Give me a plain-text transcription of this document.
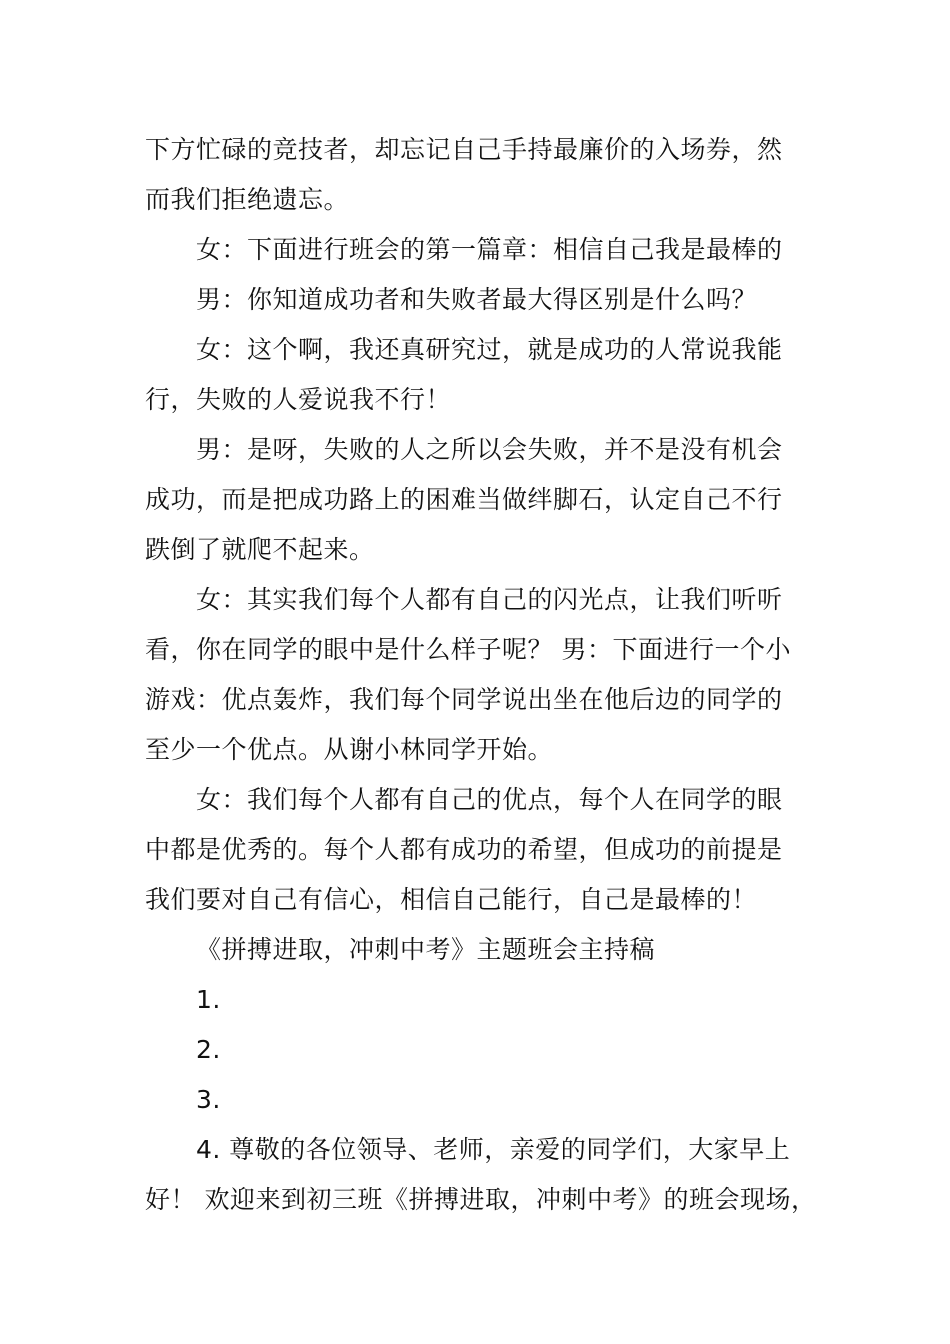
下方忙碌的竞技者，却忘记自己手持最廉价的入场券，然
而我们拒绝遗忘。
女：下面进行班会的第一篇章：相信自己我是最棒的
男：你知道成功者和失败者最大得区别是什么吗？
女：这个啊，我还真研究过，就是成功的人常说我能
行，失败的人爱说我不行！
男：是呀，失败的人之所以会失败，并不是没有机会
成功，而是把成功路上的困难当做绊脚石，认定自己不行
跌倒了就爬不起来。
女：其实我们每个人都有自己的闪光点，让我们听听
看，你在同学的眼中是什么样子呢？ 男：下面进行一个小
游戏：优点轰炸，我们每个同学说出坐在他后边的同学的
至少一个优点。从谢小林同学开始。
女：我们每个人都有自己的优点，每个人在同学的眼
中都是优秀的。每个人都有成功的希望，但成功的前提是
我们要对自己有信心，相信自己能行，自己是最棒的！
《拼搏进取，冲刺中考》主题班会主持稿
1.
2.
3.
4. 尊敬的各位领导、老师，亲爱的同学们，大家早上
好！ 欢迎来到初三班《拼搏进取，冲刺中考》的班会现场，
